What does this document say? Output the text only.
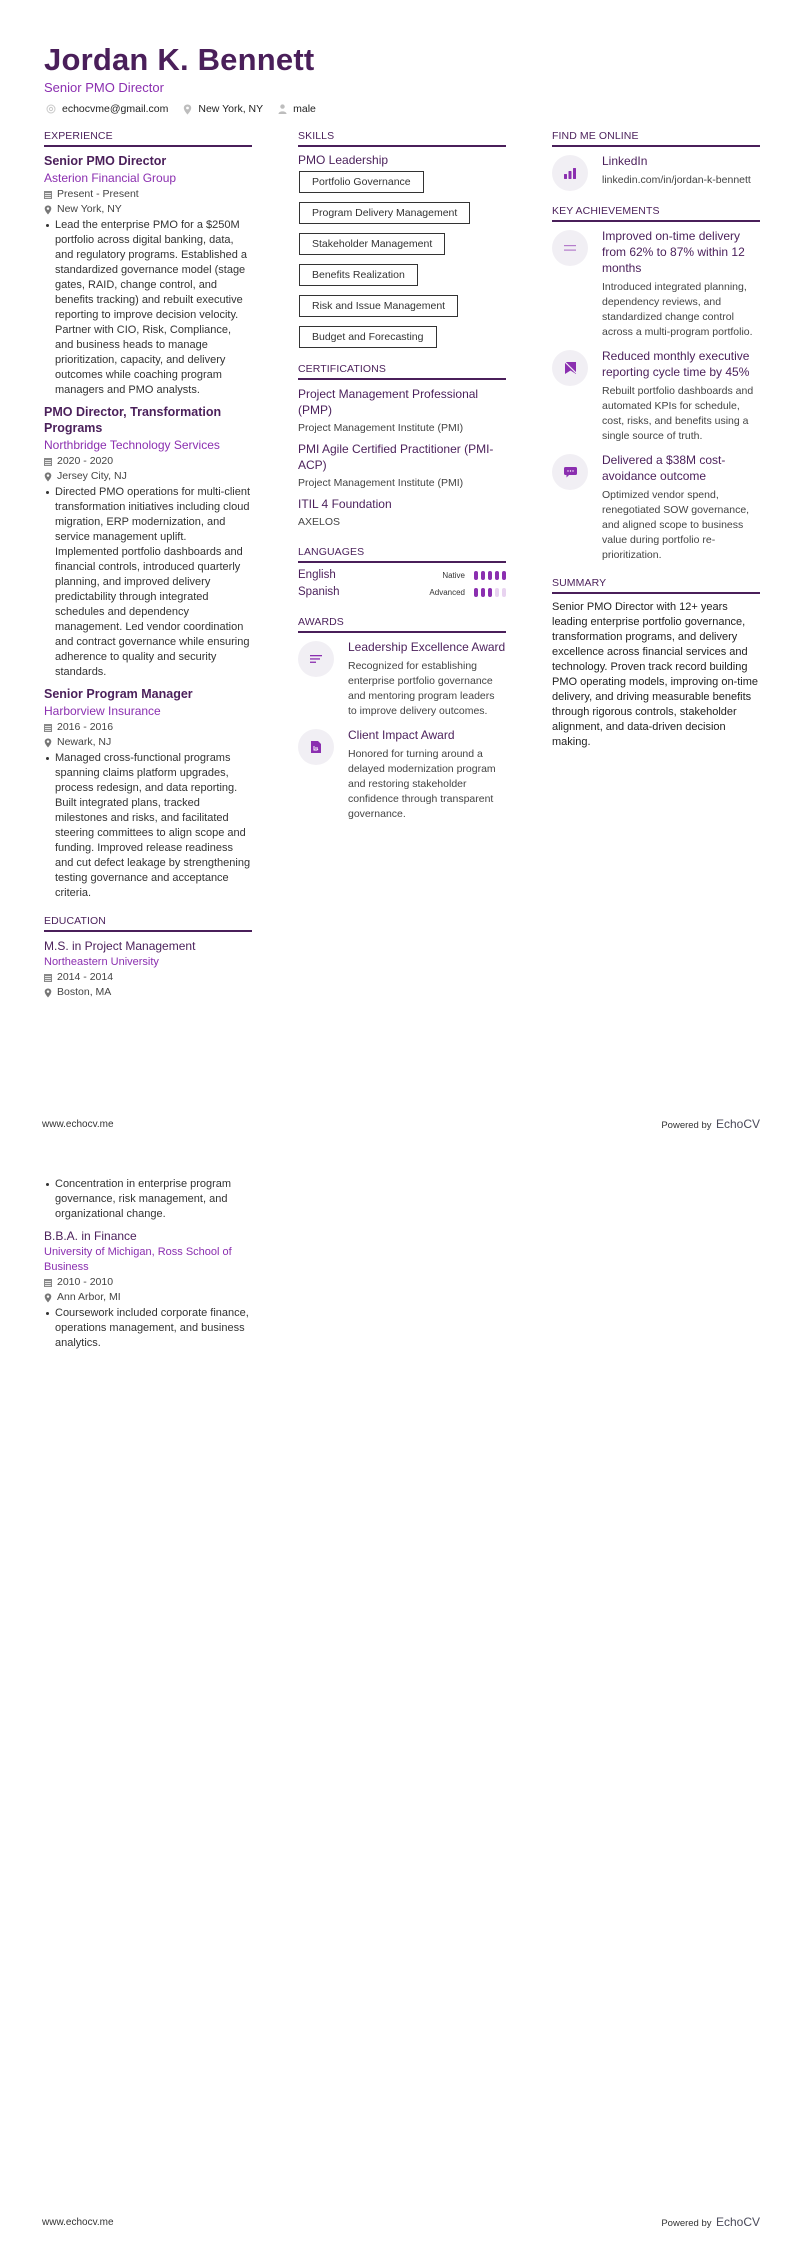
Jordan K. Bennett
Senior PMO Director
echocvme@gmail.com	New York, NY	male
EXPERIENCE
Senior PMO Director
Asterion Financial Group
Present - Present
New York, NY
Lead the enterprise PMO for a $250M portfolio across digital banking, data, and regulatory programs. Established a standardized governance model (stage gates, RAID, change control, and benefits tracking) and rebuilt executive reporting to improve decision velocity. Partner with CIO, Risk, Compliance, and business heads to manage prioritization, capacity, and delivery outcomes while coaching program managers and PMO analysts.
PMO Director, Transformation Programs
Northbridge Technology Services
2020 - 2020
Jersey City, NJ
Directed PMO operations for multi-client transformation initiatives including cloud migration, ERP modernization, and service management uplift. Implemented portfolio dashboards and financial controls, introduced quarterly planning, and improved delivery predictability through integrated schedules and dependency management. Led vendor coordination and contract governance while ensuring adherence to quality and security standards.
Senior Program Manager
Harborview Insurance
2016 - 2016
Newark, NJ
Managed cross-functional programs spanning claims platform upgrades, process redesign, and data reporting. Built integrated plans, tracked milestones and risks, and facilitated steering committees to align scope and funding. Improved release readiness and cut defect leakage by strengthening testing governance and acceptance criteria.
EDUCATION
M.S. in Project Management
Northeastern University
2014 - 2014
Boston, MA
SKILLS
PMO Leadership
Portfolio Governance
Program Delivery Management
Stakeholder Management
Benefits Realization
Risk and Issue Management
Budget and Forecasting
CERTIFICATIONS
Project Management Professional (PMP)
Project Management Institute (PMI)
PMI Agile Certified Practitioner (PMI-ACP)
Project Management Institute (PMI)
ITIL 4 Foundation
AXELOS
LANGUAGES
English	Native
Spanish	Advanced
AWARDS
Leadership Excellence Award
Recognized for establishing enterprise portfolio governance and mentoring program leaders to improve delivery outcomes.
Client Impact Award
Honored for turning around a delayed modernization program and restoring stakeholder confidence through transparent governance.
FIND ME ONLINE
LinkedIn
linkedin.com/in/jordan-k-bennett
KEY ACHIEVEMENTS
Improved on-time delivery from 62% to 87% within 12 months
Introduced integrated planning, dependency reviews, and standardized change control across a multi-program portfolio.
Reduced monthly executive reporting cycle time by 45%
Rebuilt portfolio dashboards and automated KPIs for schedule, cost, risks, and benefits using a single source of truth.
Delivered a $38M cost-avoidance outcome
Optimized vendor spend, renegotiated SOW governance, and aligned scope to business value during portfolio re-prioritization.
SUMMARY
Senior PMO Director with 12+ years leading enterprise portfolio governance, transformation programs, and delivery excellence across financial services and technology. Proven track record building PMO operating models, improving on-time delivery, and driving measurable benefits through rigorous controls, stakeholder alignment, and data-driven decision making.
www.echocv.me	Powered by EchoCV
Concentration in enterprise program governance, risk management, and organizational change.
B.B.A. in Finance
University of Michigan, Ross School of Business
2010 - 2010
Ann Arbor, MI
Coursework included corporate finance, operations management, and business analytics.
www.echocv.me	Powered by EchoCV
